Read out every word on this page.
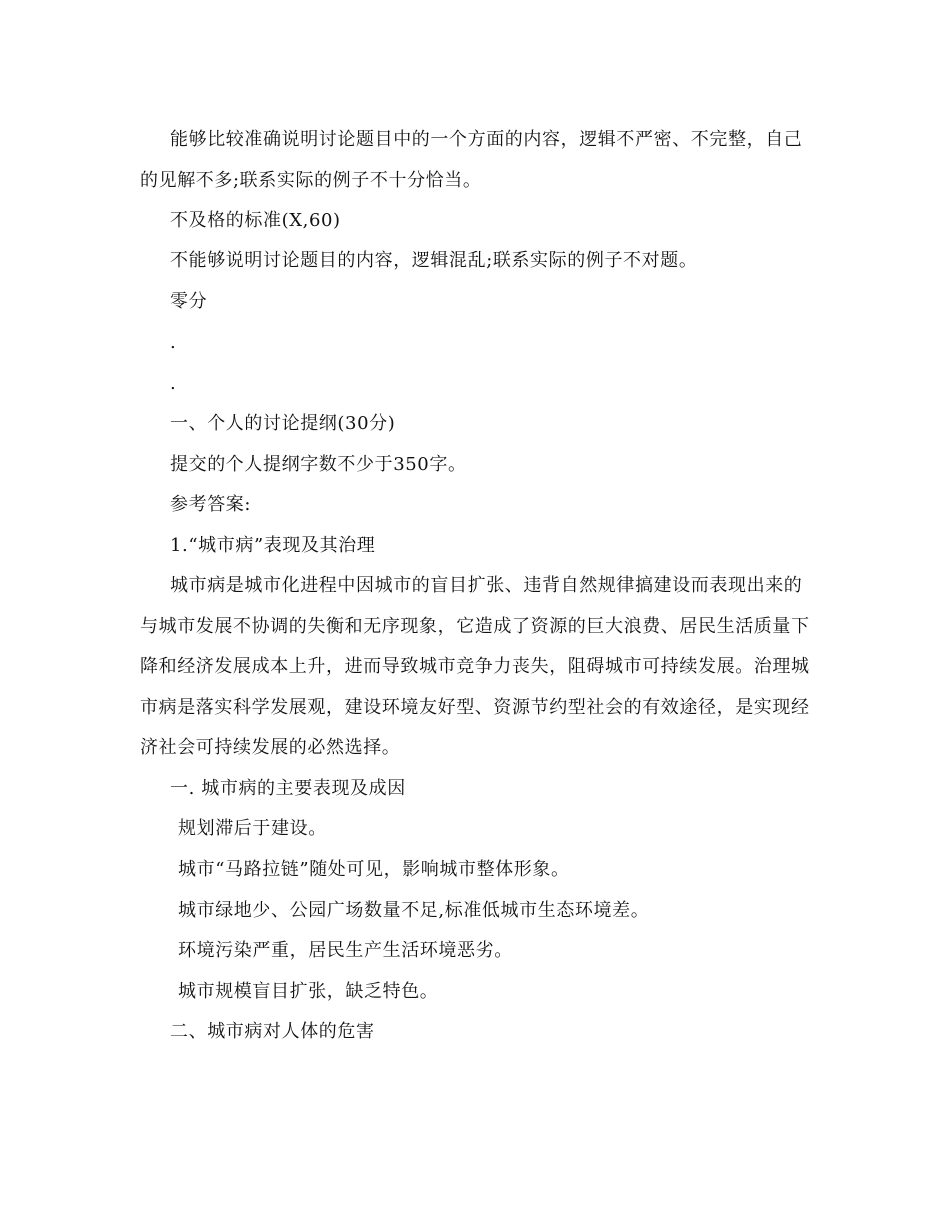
能够比较准确说明讨论题目中的一个方面的内容，逻辑不严密、不完整，自己
的见解不多;联系实际的例子不十分恰当。
不及格的标准(X,60)
不能够说明讨论题目的内容，逻辑混乱;联系实际的例子不对题。
零分
.
.
一、个人的讨论提纲(30分)
提交的个人提纲字数不少于350字。
参考答案:
1.“城市病”表现及其治理
城市病是城市化进程中因城市的盲目扩张、违背自然规律搞建设而表现出来的
与城市发展不协调的失衡和无序现象，它造成了资源的巨大浪费、居民生活质量下
降和经济发展成本上升，进而导致城市竞争力丧失，阻碍城市可持续发展。治理城
市病是落实科学发展观，建设环境友好型、资源节约型社会的有效途径，是实现经
济社会可持续发展的必然选择。
一. 城市病的主要表现及成因
规划滞后于建设。
城市“马路拉链”随处可见，影响城市整体形象。
城市绿地少、公园广场数量不足,标准低城市生态环境差。
环境污染严重，居民生产生活环境恶劣。
城市规模盲目扩张，缺乏特色。
二、城市病对人体的危害
